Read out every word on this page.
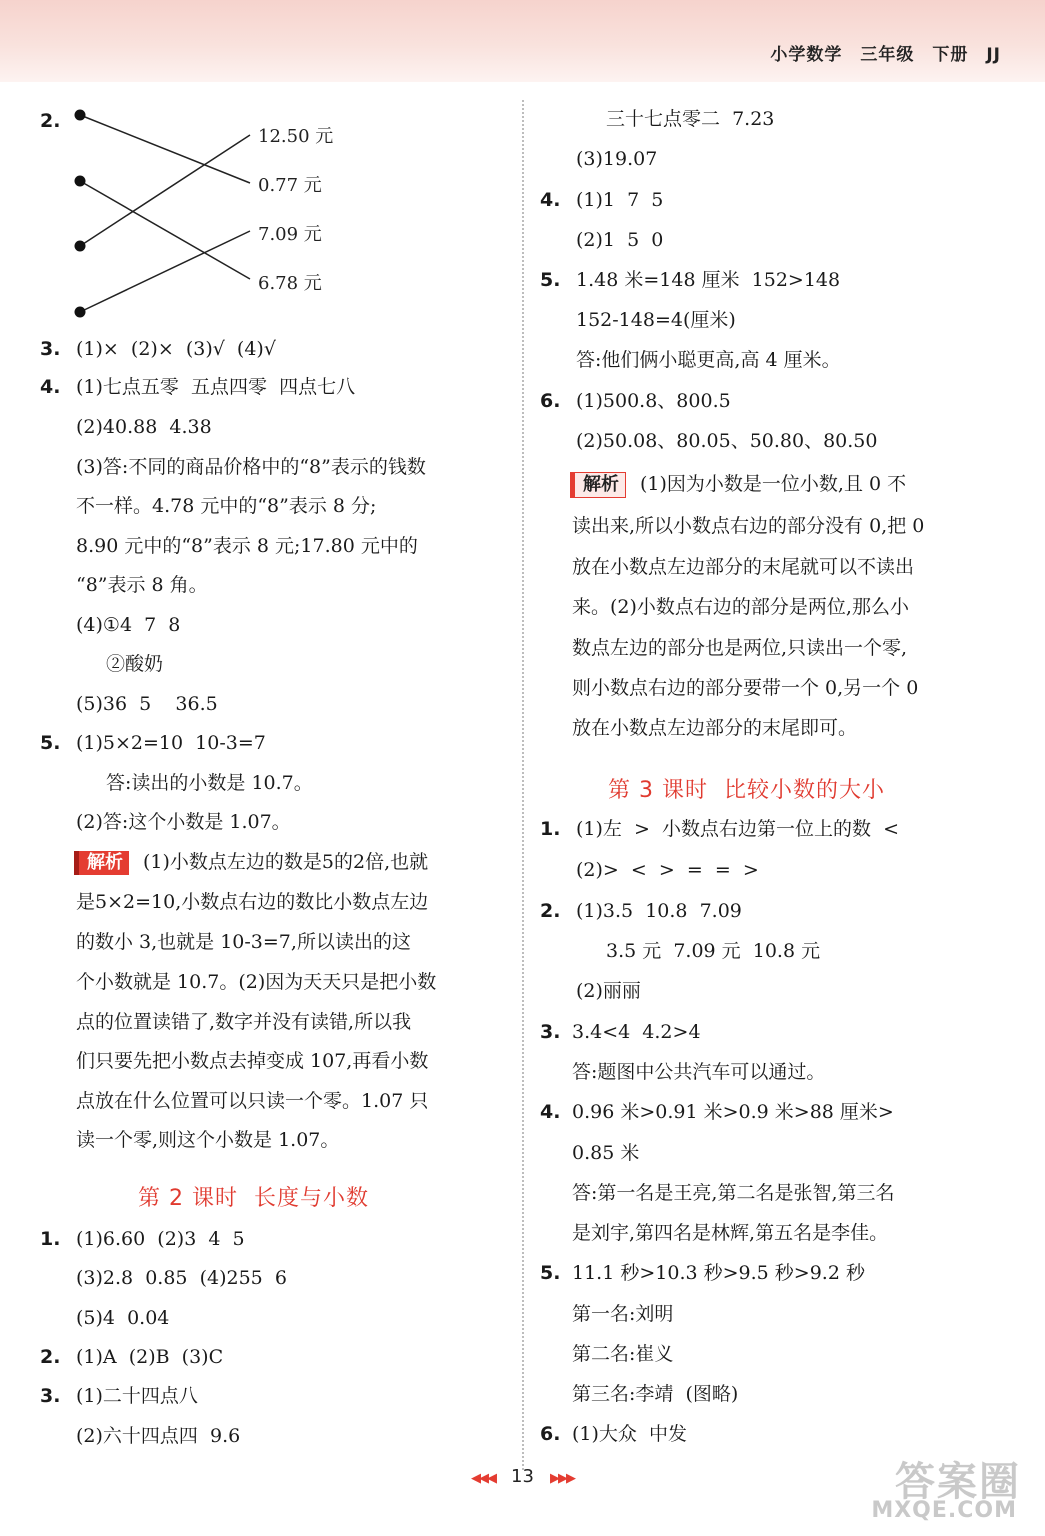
小学数学 三年级 下册 JJ
2.
12.50 元
0.77 元
7.09 元
6.78 元
3. (1)×  (2)×  (3)√  (4)√
4. (1)七点五零  五点四零  四点七八
(2)40.88  4.38
(3)答:不同的商品价格中的“8”表示的钱数
不一样。4.78 元中的“8”表示 8 分;
8.90 元中的“8”表示 8 元;17.80 元中的
“8”表示 8 角。
(4)①4  7  8
②酸奶
(5)36  5    36.5
5. (1)5×2=10  10-3=7
答:读出的小数是 10.7。
(2)答:这个小数是 1.07。
解析 (1)小数点左边的数是5的2倍,也就
是5×2=10,小数点右边的数比小数点左边
的数小 3,也就是 10-3=7,所以读出的这
个小数就是 10.7。(2)因为天天只是把小数
点的位置读错了,数字并没有读错,所以我
们只要先把小数点去掉变成 107,再看小数
点放在什么位置可以只读一个零。1.07 只
读一个零,则这个小数是 1.07。
第 2 课时  长度与小数
1. (1)6.60  (2)3  4  5
(3)2.8  0.85  (4)255  6
(5)4  0.04
2. (1)A  (2)B  (3)C
3. (1)二十四点八
(2)六十四点四  9.6
三十七点零二  7.23
(3)19.07
4. (1)1  7  5
(2)1  5  0
5. 1.48 米=148 厘米  152>148
152-148=4(厘米)
答:他们俩小聪更高,高 4 厘米。
6. (1)500.8、800.5
(2)50.08、80.05、50.80、80.50
解析 (1)因为小数是一位小数,且 0 不
读出来,所以小数点右边的部分没有 0,把 0
放在小数点左边部分的末尾就可以不读出
来。(2)小数点右边的部分是两位,那么小
数点左边的部分也是两位,只读出一个零,
则小数点右边的部分要带一个 0,另一个 0
放在小数点左边部分的末尾即可。
第 3 课时  比较小数的大小
1. (1)左  >  小数点右边第一位上的数  <
(2)>  <  >  =  =  >
2. (1)3.5  10.8  7.09
3.5 元  7.09 元  10.8 元
(2)丽丽
3. 3.4<4  4.2>4
答:题图中公共汽车可以通过。
4. 0.96 米>0.91 米>0.9 米>88 厘米>
0.85 米
答:第一名是王亮,第二名是张智,第三名
是刘宇,第四名是林辉,第五名是李佳。
5. 11.1 秒>10.3 秒>9.5 秒>9.2 秒
第一名:刘明
第二名:崔义
第三名:李靖  (图略)
6. (1)大众  中发
◀◀◀ 13 ▶▶▶	答案圈
MXQE.COM
